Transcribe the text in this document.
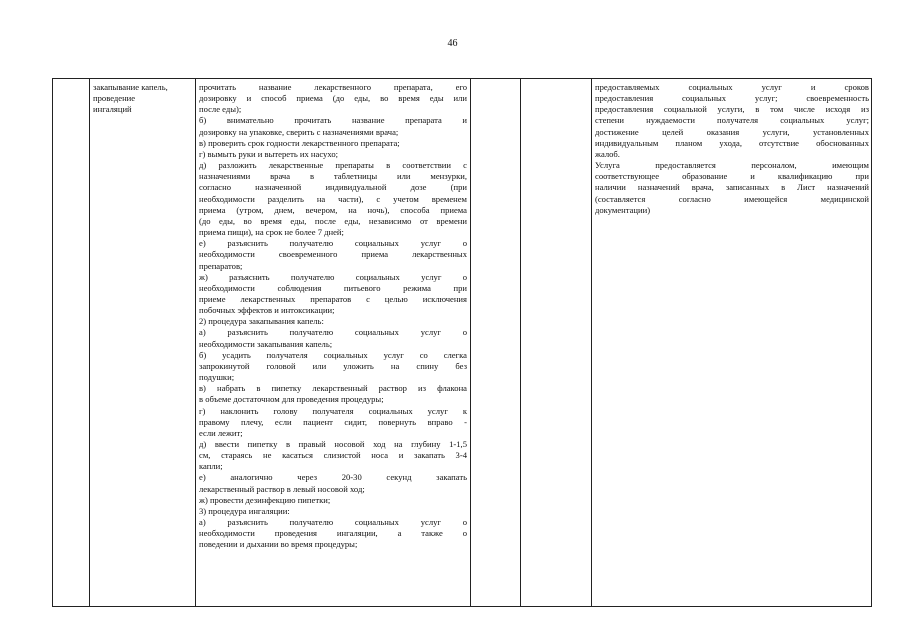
46

закапывание капель,

проведение

ингаляций

прочитать название лекарственного препарата, его

дозировку и способ приема (до еды, во время еды или

после еды);

б) внимательно прочитать название препарата и

дозировку на упаковке, сверить с назначениями врача;

в) проверить срок годности лекарственного препарата;

г) вымыть руки и вытереть их насухо;

д) разложить лекарственные препараты в соответствии с

назначениями врача в таблетницы или мензурки,

согласно назначенной индивидуальной дозе (при

необходимости разделить на части), с учетом временем

приема (утром, днем, вечером, на ночь), способа приема

(до еды, во время еды, после еды, независимо от времени

приема пищи), на срок не более 7 дней;

е) разъяснить получателю социальных услуг о

необходимости своевременного приема лекарственных

препаратов;

ж) разъяснить получателю социальных услуг о

необходимости соблюдения питьевого режима при

приеме лекарственных препаратов с целью исключения

побочных эффектов и интоксикации;

2) процедура закапывания капель:

а) разъяснить получателю социальных услуг о

необходимости закапывания капель;

б) усадить получателя социальных услуг со слегка

запрокинутой головой или уложить на спину без

подушки;

в) набрать в пипетку лекарственный раствор из флакона

в объеме достаточном для проведения процедуры;

г) наклонить голову получателя социальных услуг к

правому плечу, если пациент сидит, повернуть вправо -

если лежит;

д) ввести пипетку в правый носовой ход на глубину 1-1,5

см, стараясь не касаться слизистой носа и закапать 3-4

капли;

е) аналогично через 20-30 секунд закапать

лекарственный раствор в левый носовой ход;

ж) провести дезинфекцию пипетки;

3) процедура ингаляции:

а) разъяснить получателю социальных услуг о

необходимости проведения ингаляции, а также о

поведении и дыхании во время процедуры;

предоставляемых социальных услуг и сроков

предоставления социальных услуг; своевременность

предоставления социальной услуги, в том числе исходя из

степени нуждаемости получателя социальных услуг;

достижение целей оказания услуги, установленных

индивидуальным планом ухода, отсутствие обоснованных

жалоб.

Услуга предоставляется персоналом, имеющим

соответствующее образование и квалификацию при

наличии назначений врача, записанных в Лист назначений

(составляется согласно имеющейся медицинской

документации)
